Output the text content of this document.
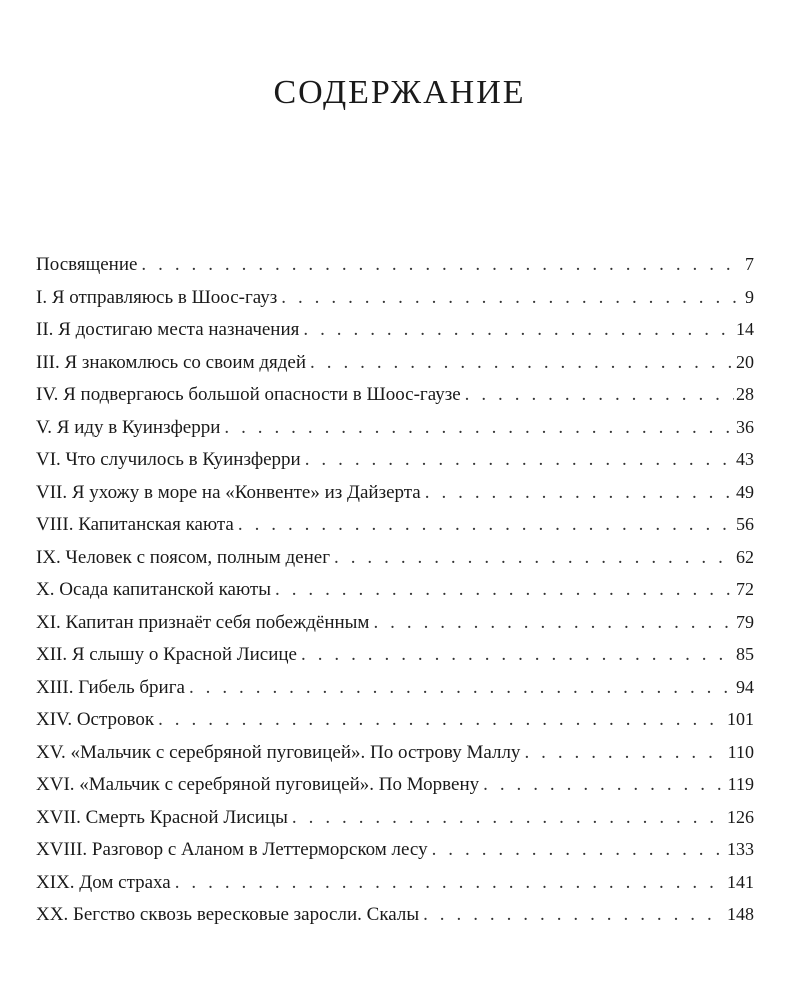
СОДЕРЖАНИЕ
Посвящение . . .	7
I. Я отправляюсь в Шоос-гауз . . .	9
II. Я достигаю места назначения . . .	14
III. Я знакомлюсь со своим дядей . . .	20
IV. Я подвергаюсь большой опасности в Шоос-гаузе . . .	28
V. Я иду в Куинзферри . . .	36
VI. Что случилось в Куинзферри . . .	43
VII. Я ухожу в море на «Конвенте» из Дайзерта . . .	49
VIII. Капитанская каюта . . .	56
IX. Человек с поясом, полным денег . . .	62
X. Осада капитанской каюты . . .	72
XI. Капитан признаёт себя побеждённым . . .	79
XII. Я слышу о Красной Лисице . . .	85
XIII. Гибель брига . . .	94
XIV. Островок . . .	101
XV. «Мальчик с серебряной пуговицей». По острову Маллу . . .	110
XVI. «Мальчик с серебряной пуговицей». По Морвену . . .	119
XVII. Смерть Красной Лисицы . . .	126
XVIII. Разговор с Аланом в Леттерморском лесу . . .	133
XIX. Дом страха . . .	141
XX. Бегство сквозь вересковые заросли. Скалы . . .	148
